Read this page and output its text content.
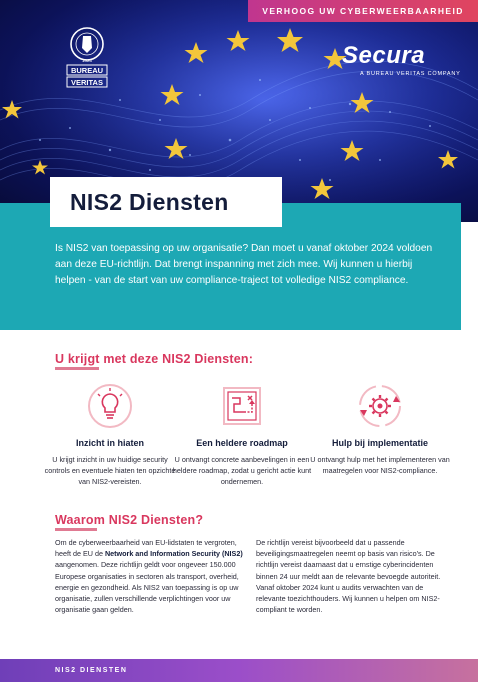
VERHOOG UW CYBERWEERBAARHEID
BUREAU
VERITAS
1828	Secura
A BUREAU VERITAS COMPANY

Is NIS2 van toepassing op uw organisatie? Dan moet u vanaf oktober 2024 voldoen aan deze EU-richtlijn. Dat brengt inspanning met zich mee. Wij kunnen u hierbij helpen - van de start van uw compliance-traject tot volledige NIS2 compliance.

NIS2 Diensten
U krijgt met deze NIS2 Diensten:
Inzicht in hiaten

U krijgt inzicht in uw huidige security controls en eventuele hiaten ten opzichte van NIS2-vereisten.

Een heldere roadmap

U ontvangt concrete aanbevelingen in een heldere roadmap, zodat u gericht actie kunt ondernemen.

Hulp bij implementatie

U ontvangt hulp met het implementeren van maatregelen voor NIS2-compliance.

Waarom NIS2 Diensten?
Om de cyberweerbaarheid van EU-lidstaten te vergroten, heeft de EU de Network and Information Security (NIS2) aangenomen. Deze richtlijn geldt voor ongeveer 150.000 Europese organisaties in sectoren als transport, overheid, energie en gezondheid. Als NIS2 van toepassing is op uw organisatie, zullen verschillende verplichtingen voor uw organisatie gaan gelden.
De richtlijn vereist bijvoorbeeld dat u passende beveiligingsmaatregelen neemt op basis van risico's. De richtlijn vereist daarnaast dat u ernstige cyberincidenten binnen 24 uur meldt aan de relevante bevoegde autoriteit. Vanaf oktober 2024 kunt u audits verwachten van de relevante toezichthouders. Wij kunnen u helpen om NIS2-compliant te worden.
NIS2 DIENSTEN
